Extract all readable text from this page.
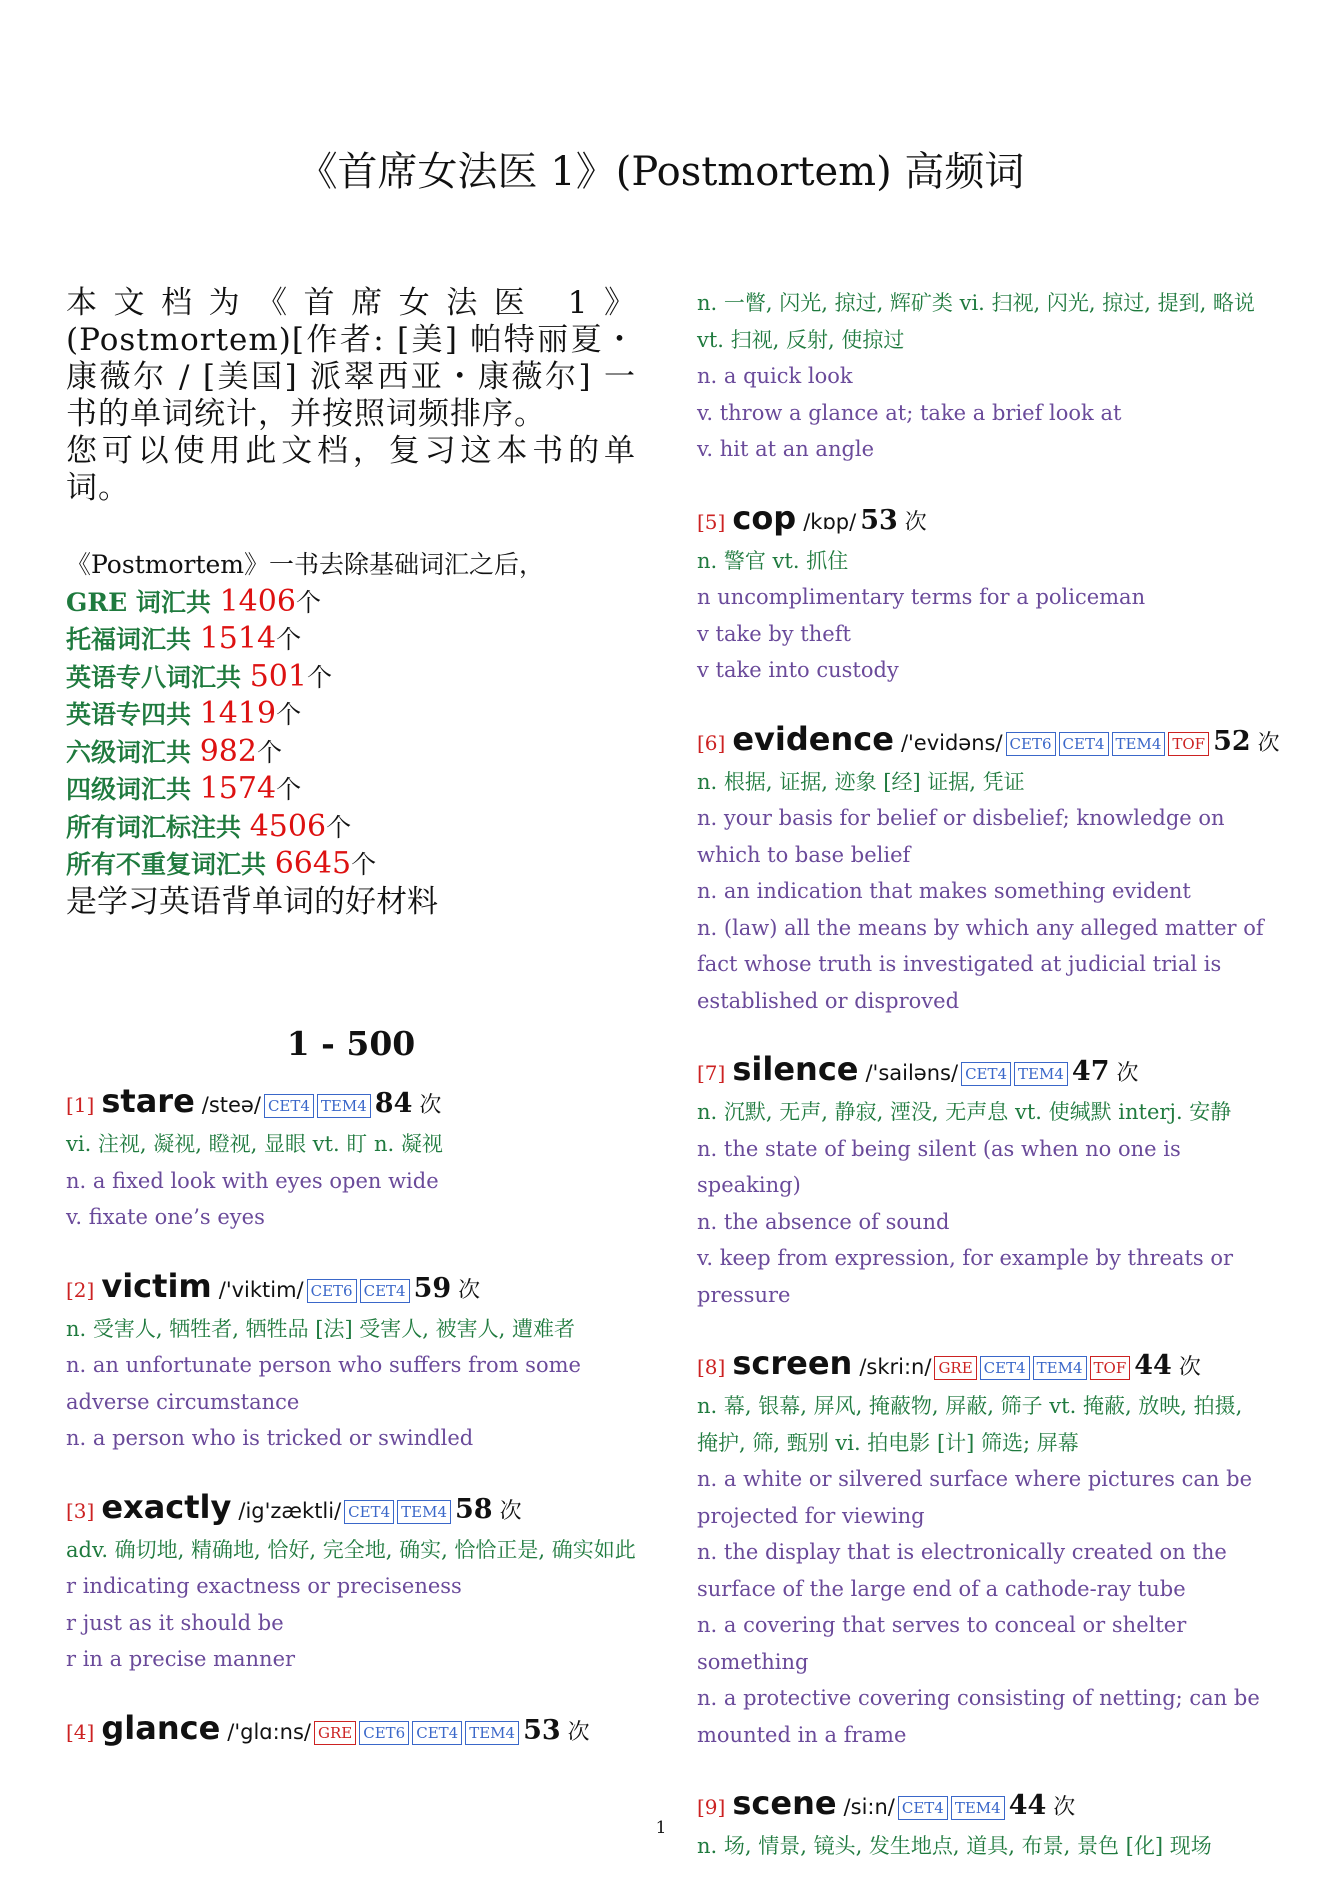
《首席女法医 1》(Postmortem) 高频词
本文档为《首席女法医 1》(Postmortem)[作者: [美] 帕特丽夏・康薇尔 / [美国] 派翠西亚・康薇尔] 一书的单词统计，并按照词频排序。
您可以使用此文档，复习这本书的单词。
《Postmortem》一书去除基础词汇之后，
GRE 词汇共 1406个
托福词汇共 1514个
英语专八词汇共 501个
英语专四共 1419个
六级词汇共 982个
四级词汇共 1574个
所有词汇标注共 4506个
所有不重复词汇共 6645个
是学习英语背单词的好材料
1 - 500
[1] stare /steə/ CET4 TEM4 84 次
vi. 注视, 凝视, 瞪视, 显眼 vt. 盯 n. 凝视
n. a fixed look with eyes open wide
v. fixate one’s eyes
[2] victim /'viktim/ CET6 CET4 59 次
n. 受害人, 牺牲者, 牺牲品 [法] 受害人, 被害人, 遭难者
n. an unfortunate person who suffers from some adverse circumstance
n. a person who is tricked or swindled
[3] exactly /ig'zæktli/ CET4 TEM4 58 次
adv. 确切地, 精确地, 恰好, 完全地, 确实, 恰恰正是, 确实如此
r indicating exactness or preciseness
r just as it should be
r in a precise manner
[4] glance /'glɑ:ns/ GRE CET6 CET4 TEM4 53 次
n. 一瞥, 闪光, 掠过, 辉矿类 vi. 扫视, 闪光, 掠过, 提到, 略说 vt. 扫视, 反射, 使掠过
n. a quick look
v. throw a glance at; take a brief look at
v. hit at an angle
[5] cop /kɒp/ 53 次
n. 警官 vt. 抓住
n uncomplimentary terms for a policeman
v take by theft
v take into custody
[6] evidence /'evidəns/ CET6 CET4 TEM4 TOF 52 次
n. 根据, 证据, 迹象 [经] 证据, 凭证
n. your basis for belief or disbelief; knowledge on which to base belief
n. an indication that makes something evident
n. (law) all the means by which any alleged matter of fact whose truth is investigated at judicial trial is established or disproved
[7] silence /'sailəns/ CET4 TEM4 47 次
n. 沉默, 无声, 静寂, 湮没, 无声息 vt. 使缄默 interj. 安静
n. the state of being silent (as when no one is speaking)
n. the absence of sound
v. keep from expression, for example by threats or pressure
[8] screen /skri:n/ GRE CET4 TEM4 TOF 44 次
n. 幕, 银幕, 屏风, 掩蔽物, 屏蔽, 筛子 vt. 掩蔽, 放映, 拍摄, 掩护, 筛, 甄别 vi. 拍电影 [计] 筛选; 屏幕
n. a white or silvered surface where pictures can be projected for viewing
n. the display that is electronically created on the surface of the large end of a cathode-ray tube
n. a covering that serves to conceal or shelter something
n. a protective covering consisting of netting; can be mounted in a frame
[9] scene /si:n/ CET4 TEM4 44 次
n. 场, 情景, 镜头, 发生地点, 道具, 布景, 景色 [化] 现场
1
